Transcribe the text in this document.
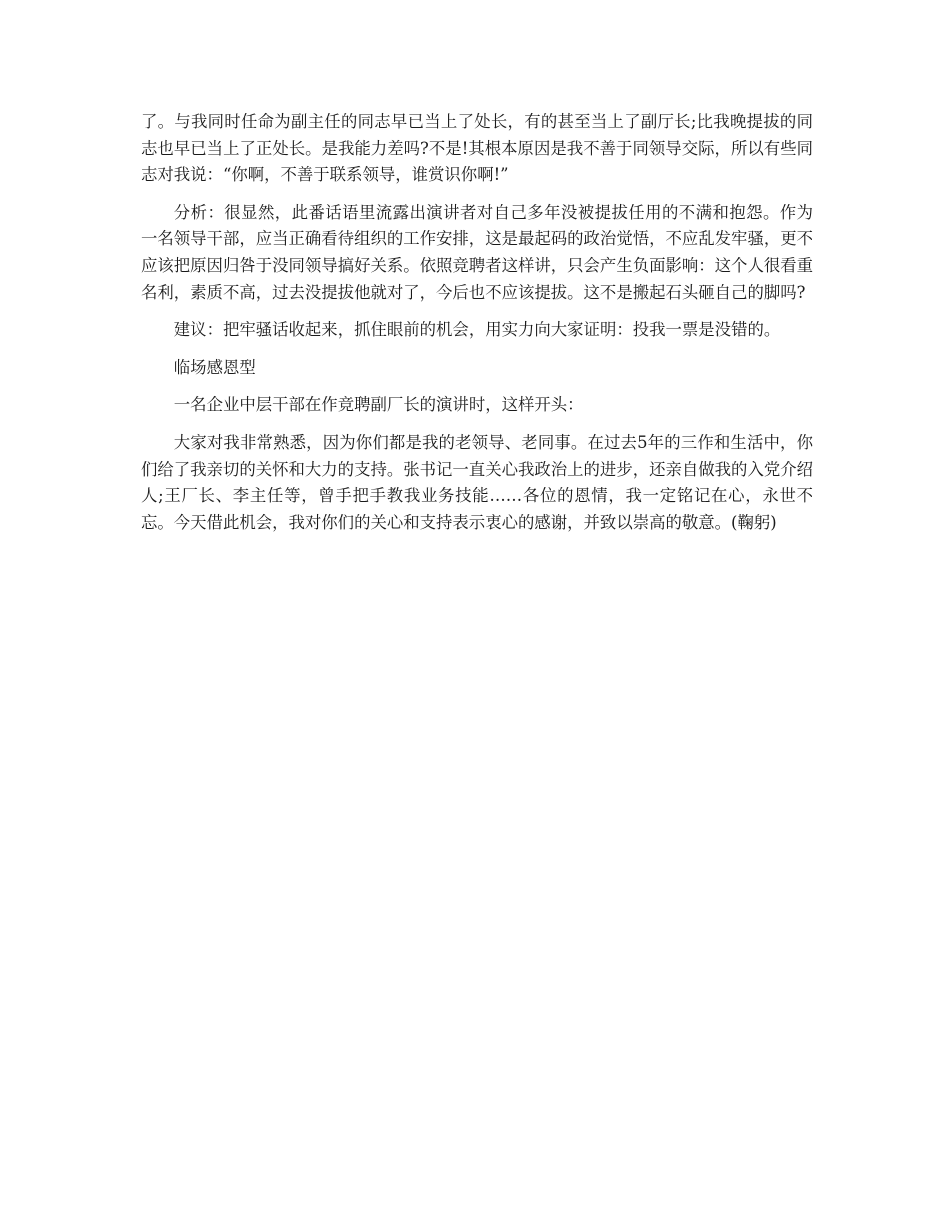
了。与我同时任命为副主任的同志早已当上了处长，有的甚至当上了副厅长;比我晚提拔的同志也早已当上了正处长。是我能力差吗?不是!其根本原因是我不善于同领导交际，所以有些同志对我说：“你啊，不善于联系领导，谁赏识你啊!”

分析：很显然，此番话语里流露出演讲者对自己多年没被提拔任用的不满和抱怨。作为一名领导干部，应当正确看待组织的工作安排，这是最起码的政治觉悟，不应乱发牢骚，更不应该把原因归咎于没同领导搞好关系。依照竞聘者这样讲，只会产生负面影响：这个人很看重名利，素质不高，过去没提拔他就对了，今后也不应该提拔。这不是搬起石头砸自己的脚吗?

建议：把牢骚话收起来，抓住眼前的机会，用实力向大家证明：投我一票是没错的。

临场感恩型

一名企业中层干部在作竞聘副厂长的演讲时，这样开头：

大家对我非常熟悉，因为你们都是我的老领导、老同事。在过去5年的三作和生活中，你们给了我亲切的关怀和大力的支持。张书记一直关心我政治上的进步，还亲自做我的入党介绍人;王厂长、李主任等，曾手把手教我业务技能……各位的恩情，我一定铭记在心，永世不忘。今天借此机会，我对你们的关心和支持表示衷心的感谢，并致以崇高的敬意。(鞠躬)
